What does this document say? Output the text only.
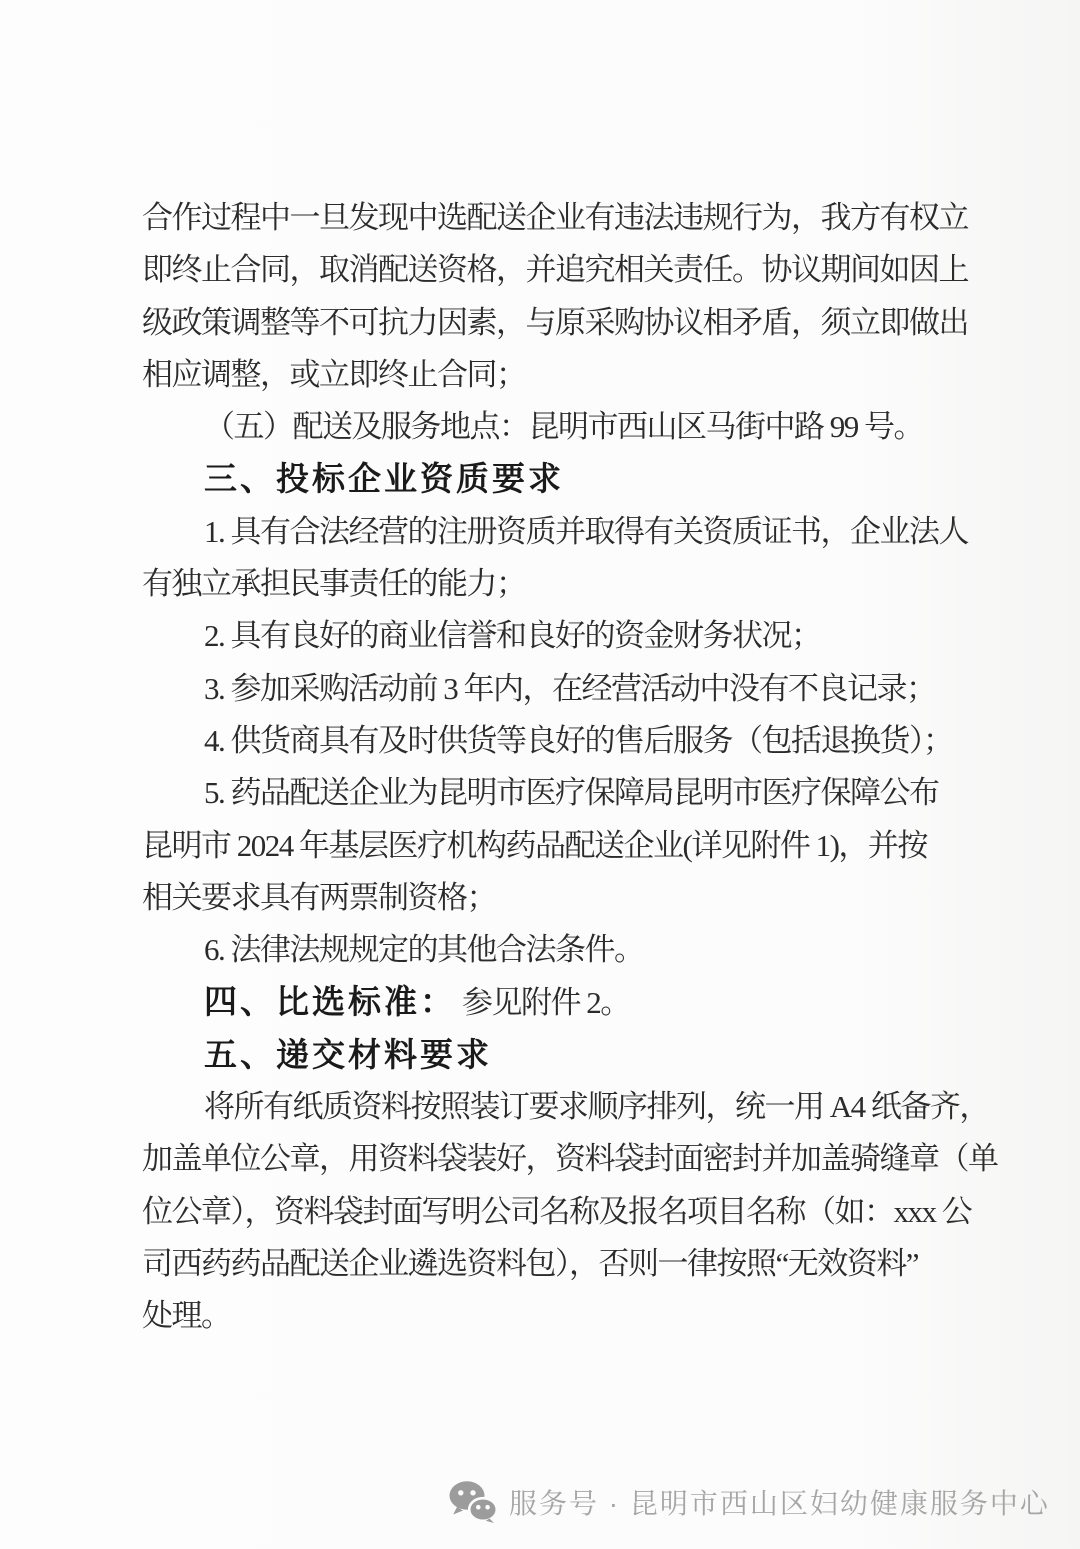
合作过程中一旦发现中选配送企业有违法违规行为，我方有权立
即终止合同，取消配送资格，并追究相关责任。协议期间如因上
级政策调整等不可抗力因素，与原采购协议相矛盾，须立即做出
相应调整，或立即终止合同；
（五）配送及服务地点：昆明市西山区马街中路 99 号。
三、投标企业资质要求
1. 具有合法经营的注册资质并取得有关资质证书，企业法人
有独立承担民事责任的能力；
2. 具有良好的商业信誉和良好的资金财务状况；
3. 参加采购活动前 3 年内，在经营活动中没有不良记录；
4. 供货商具有及时供货等良好的售后服务（包括退换货）；
5. 药品配送企业为昆明市医疗保障局昆明市医疗保障公布
昆明市 2024 年基层医疗机构药品配送企业(详见附件 1)，并按
相关要求具有两票制资格；
6. 法律法规规定的其他合法条件。
四、比选标准： 参见附件 2。
五、递交材料要求
将所有纸质资料按照装订要求顺序排列，统一用 A4 纸备齐，
加盖单位公章，用资料袋装好，资料袋封面密封并加盖骑缝章（单
位公章），资料袋封面写明公司名称及报名项目名称（如：xxx 公
司西药药品配送企业遴选资料包），否则一律按照“无效资料”
处理。
服务号 · 昆明市西山区妇幼健康服务中心
